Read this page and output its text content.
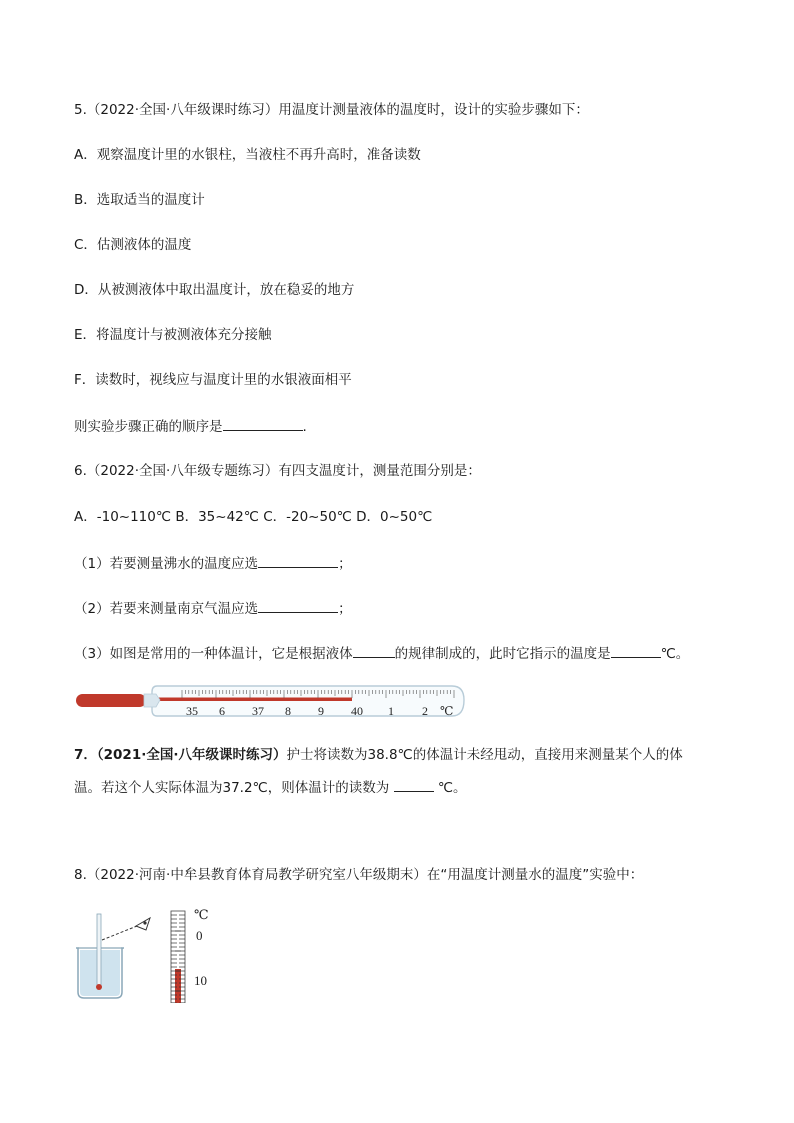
5.（2022·全国·八年级课时练习）用温度计测量液体的温度时，设计的实验步骤如下：
A．观察温度计里的水银柱，当液柱不再升高时，准备读数
B．选取适当的温度计
C．估测液体的温度
D．从被测液体中取出温度计，放在稳妥的地方
E．将温度计与被测液体充分接触
F．读数时，视线应与温度计里的水银液面相平
则实验步骤正确的顺序是	.
6.（2022·全国·八年级专题练习）有四支温度计，测量范围分别是：
A．-10~110℃ B．35~42℃ C．-20~50℃ D．0~50℃
（1）若要测量沸水的温度应选	；
（2）若要来测量南京气温应选	；
（3）如图是常用的一种体温计，它是根据液体	的规律制成的，此时它指示的温度是	℃。
35 6 37 8 9 40 1 2 ℃
7．（2021·全国·八年级课时练习）护士将读数为38.8℃的体温计未经甩动，直接用来测量某个人的体
温。若这个人实际体温为37.2℃，则体温计的读数为	℃。
8.（2022·河南·中牟县教育体育局教学研究室八年级期末）在“用温度计测量水的温度”实验中：
℃
0
10
